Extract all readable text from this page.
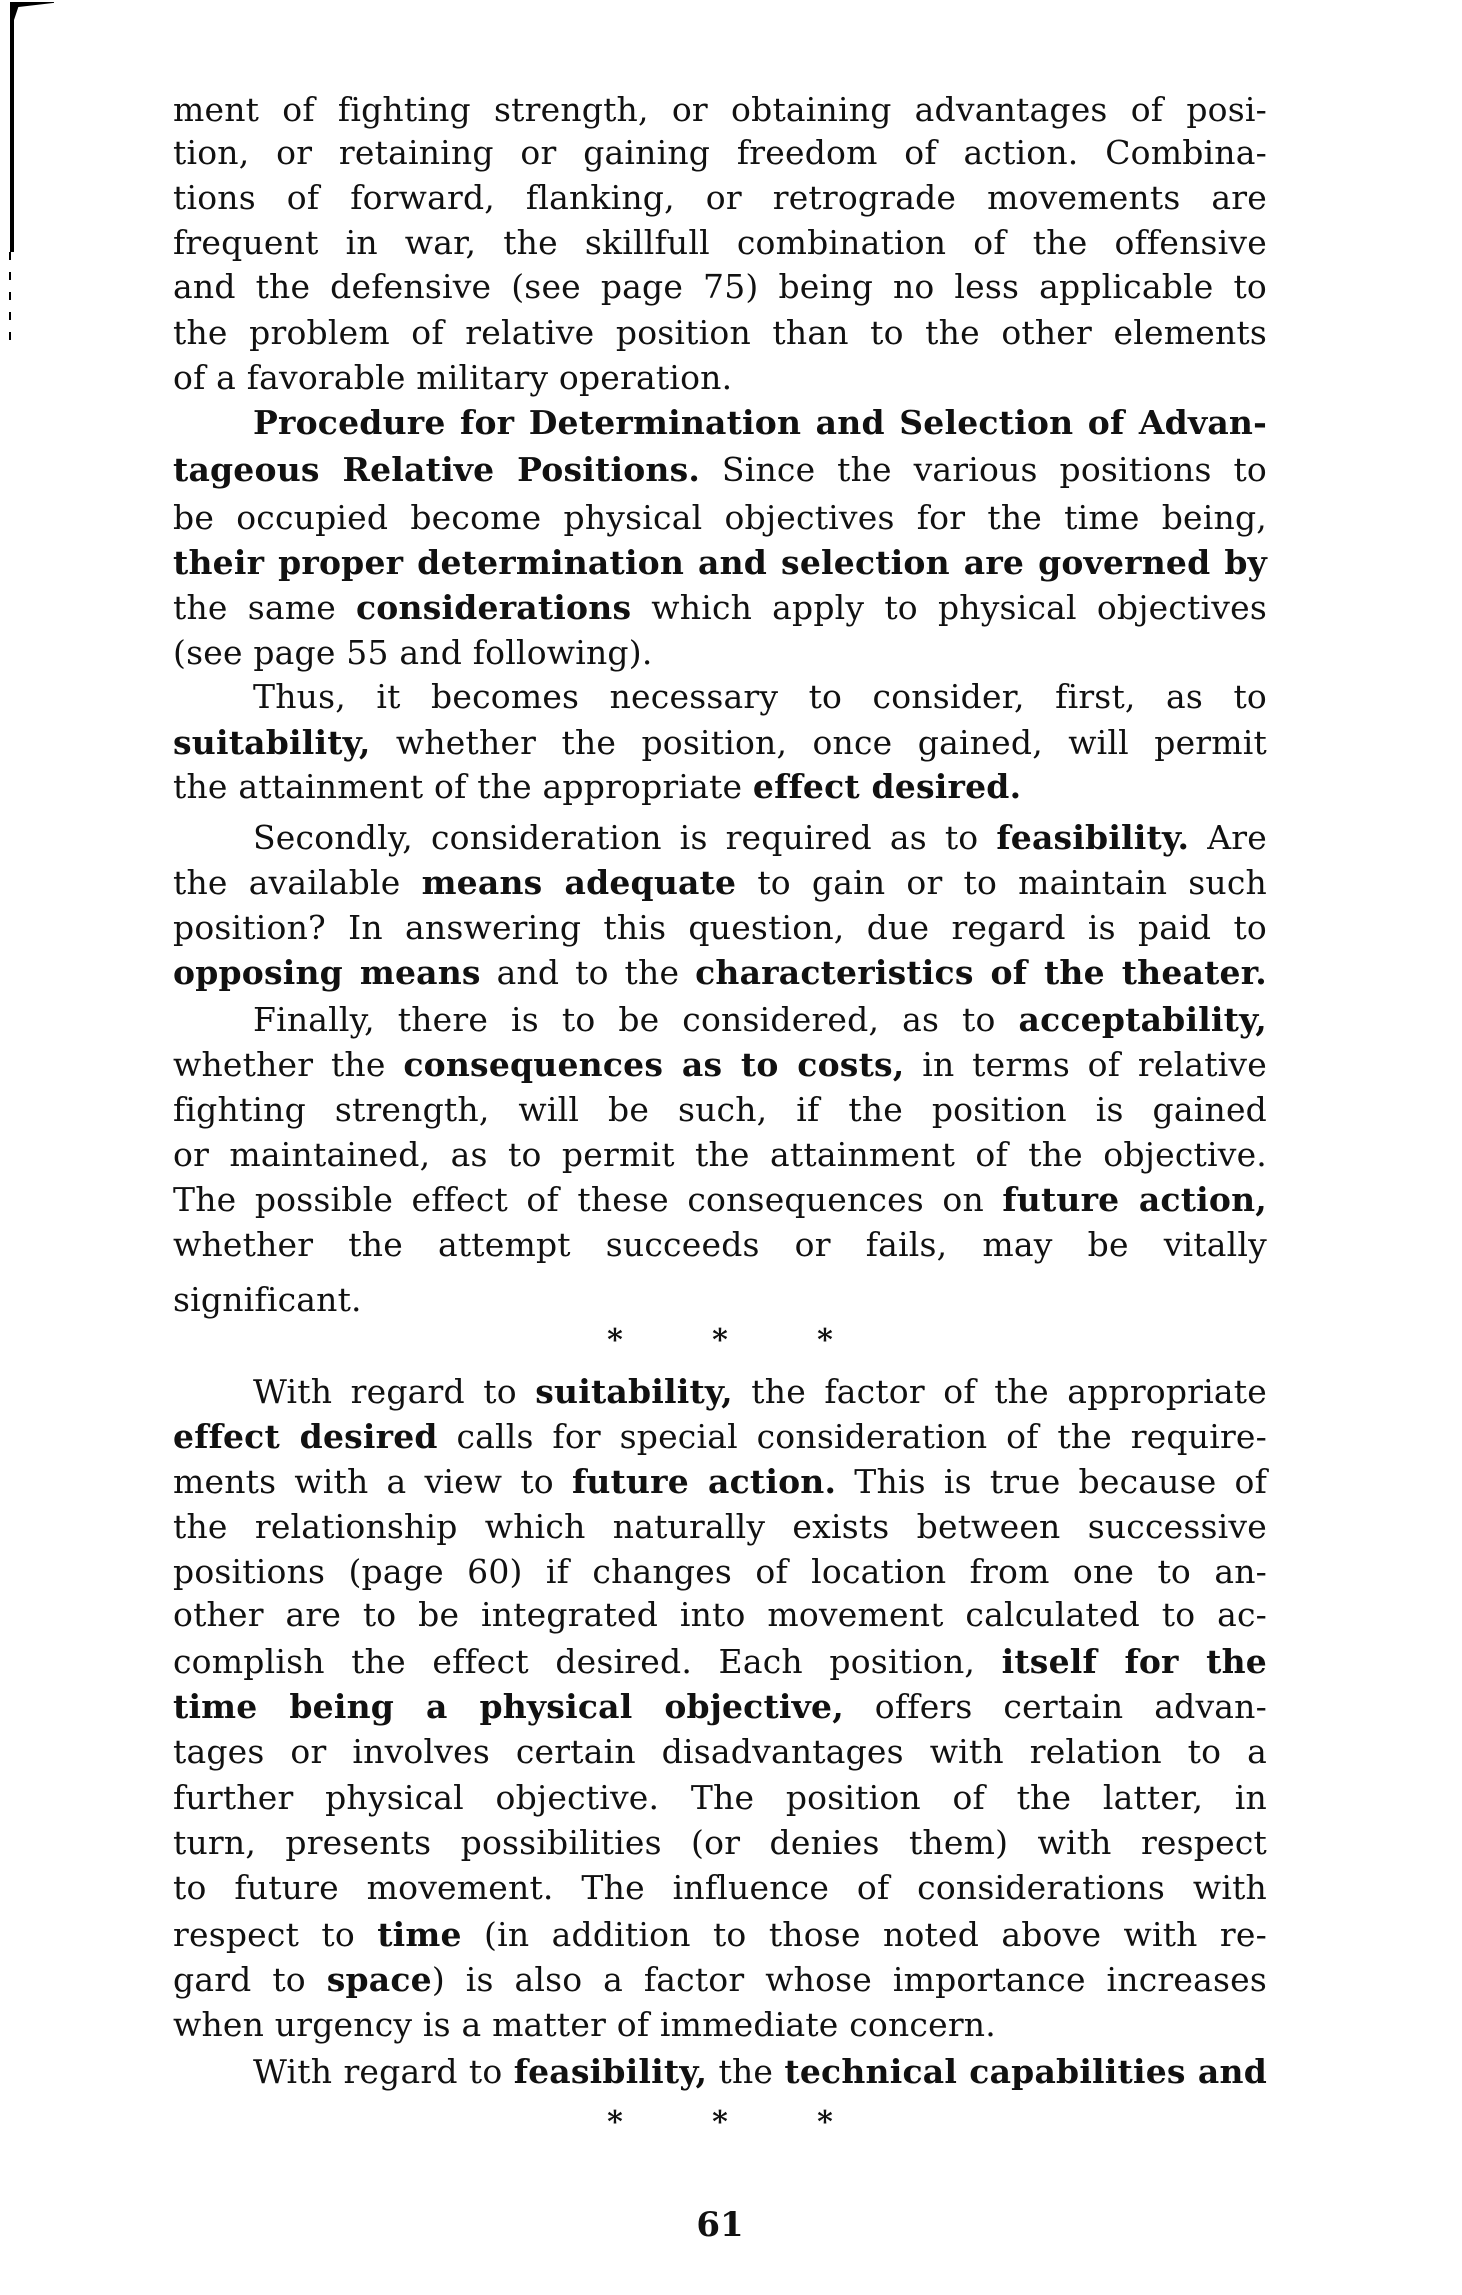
ment of fighting strength, or obtaining advantages of posi-
tion, or retaining or gaining freedom of action. Combina-
tions of forward, flanking, or retrograde movements are
frequent in war, the skillfull combination of the offensive
and the defensive (see page 75) being no less applicable to
the problem of relative position than to the other elements
of a favorable military operation.
Procedure for Determination and Selection of Advan-
tageous Relative Positions. Since the various positions to
be occupied become physical objectives for the time being,
their proper determination and selection are governed by
the same considerations which apply to physical objectives
(see page 55 and following).
Thus, it becomes necessary to consider, first, as to
suitability, whether the position, once gained, will permit
the attainment of the appropriate effect desired.
Secondly, consideration is required as to feasibility. Are
the available means adequate to gain or to maintain such
position? In answering this question, due regard is paid to
opposing means and to the characteristics of the theater.
Finally, there is to be considered, as to acceptability,
whether the consequences as to costs, in terms of relative
fighting strength, will be such, if the position is gained
or maintained, as to permit the attainment of the objective.
The possible effect of these consequences on future action,
whether the attempt succeeds or fails, may be vitally
significant.
With regard to suitability, the factor of the appropriate
effect desired calls for special consideration of the require-
ments with a view to future action. This is true because of
the relationship which naturally exists between successive
positions (page 60) if changes of location from one to an-
other are to be integrated into movement calculated to ac-
complish the effect desired. Each position, itself for the
time being a physical objective, offers certain advan-
tages or involves certain disadvantages with relation to a
further physical objective. The position of the latter, in
turn, presents possibilities (or denies them) with respect
to future movement. The influence of considerations with
respect to time (in addition to those noted above with re-
gard to space) is also a factor whose importance increases
when urgency is a matter of immediate concern.
With regard to feasibility, the technical capabilities and
*	*	*
*	*	*
61
